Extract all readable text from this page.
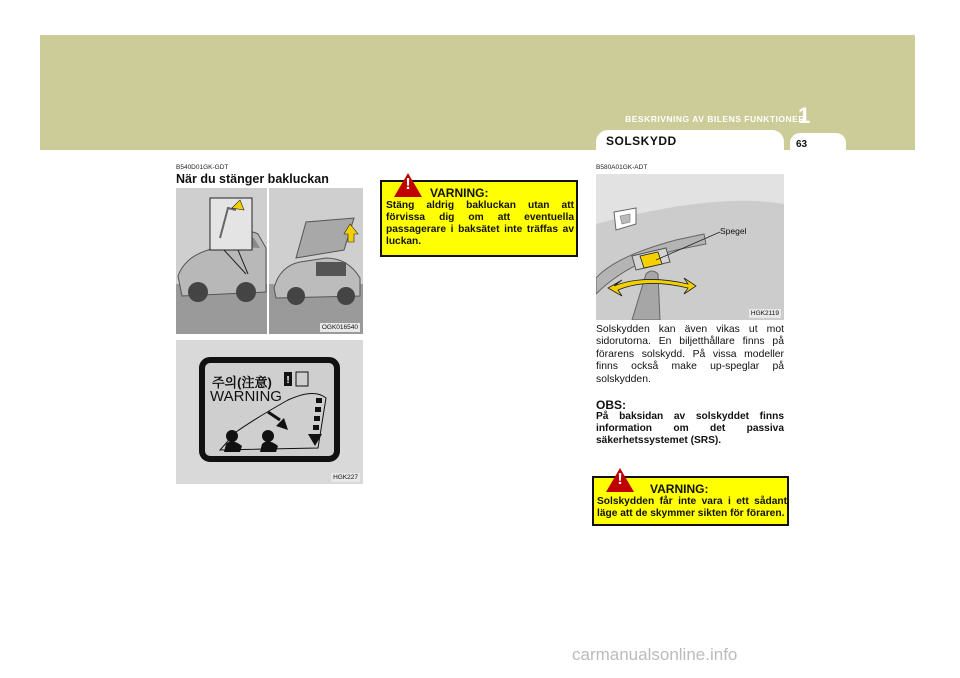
BESKRIVNING AV BILENS FUNKTIONER
1
SOLSKYDD	63
B540D01GK-GDT
När du stänger bakluckan
OGK016540
!
주의(注意)
WARNING
HGK227
!	VARNING:
Stäng aldrig bakluckan utan att förvissa dig om att eventuella passagerare i baksätet inte träffas av luckan.
B580A01GK-ADT
Spegel
HGK2119
Solskydden kan även vikas ut mot sidorutorna. En biljetthållare finns på förarens solskydd. På vissa modeller finns också make up-speglar på solskydden.
OBS:
På baksidan av solskyddet finns information om det passiva säkerhetssystemet (SRS).
!
VARNING:
Solskydden får inte vara i ett sådant läge att de skymmer sikten för föraren.
carmanualsonline.info
